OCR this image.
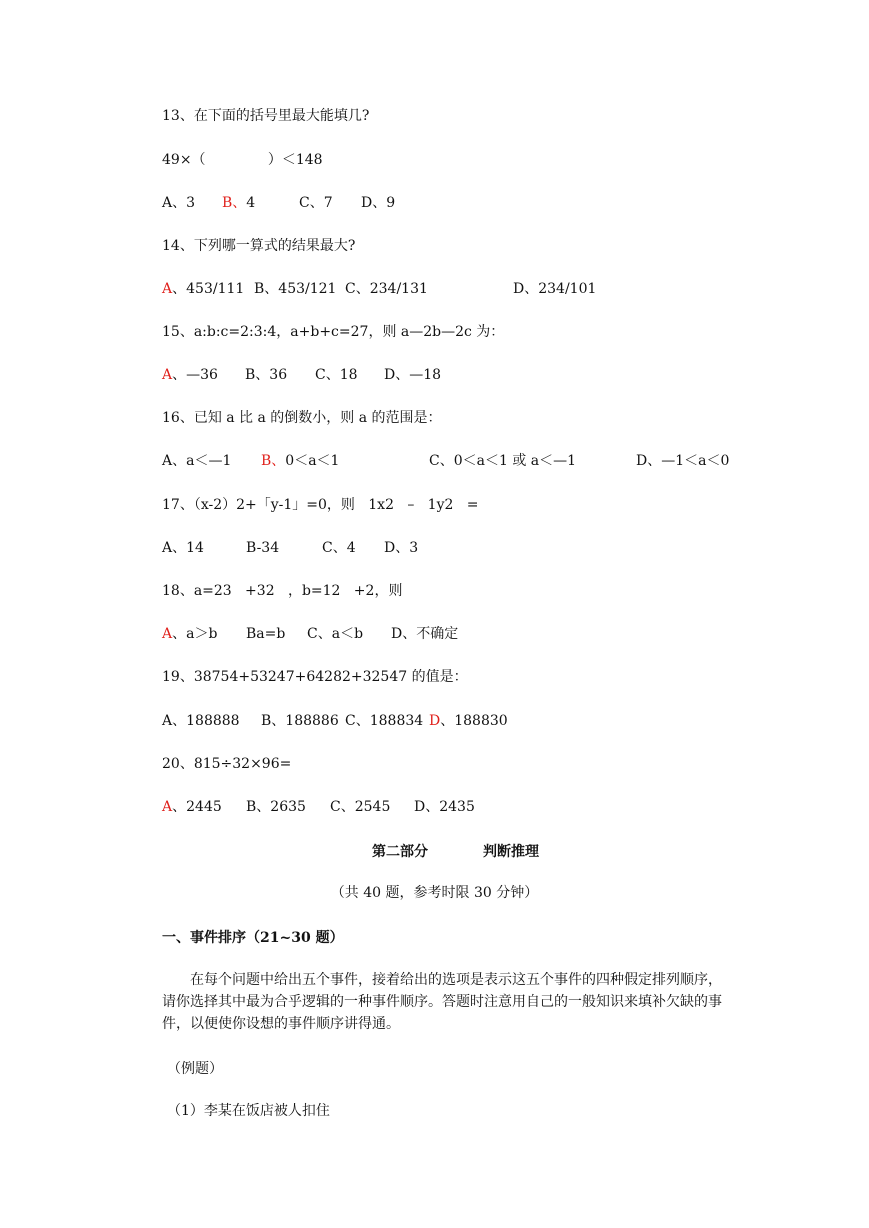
13、在下面的括号里最大能填几?
49×（              ）＜148
A、3 B、4	C、7 D、9
14、下列哪一算式的结果最大?
A、453/111 B、453/121 C、234/131	D、234/101
15、a:b:c=2:3:4，a+b+c=27，则 a—2b—2c 为：
A、—36 B、36 C、18 D、—18
16、已知 a 比 a 的倒数小，则 a 的范围是：
A、a＜—1 B、0＜a＜1	C、0＜a＜1 或 a＜—1	D、—1＜a＜0
17、（x-2）2+「y-1」=0，则   1x2   –   1y2   =
A、14	B-34	C、4 D、3
18、a=23   +32   ，b=12   +2，则
A、a＞b Ba=b C、a＜b D、不确定
19、38754+53247+64282+32547 的值是：
A、188888 B、188886 C、188834 D、188830
20、815÷32×96=
A、2445 B、2635 C、2545 D、2435
第二部分	判断推理
（共 40 题，参考时限 30 分钟）
一、事件排序（21~30 题）
在每个问题中给出五个事件，接着给出的选项是表示这五个事件的四种假定排列顺序，请你选择其中最为合乎逻辑的一种事件顺序。答题时注意用自己的一般知识来填补欠缺的事件，以便使你设想的事件顺序讲得通。
（例题）
（1）李某在饭店被人扣住
